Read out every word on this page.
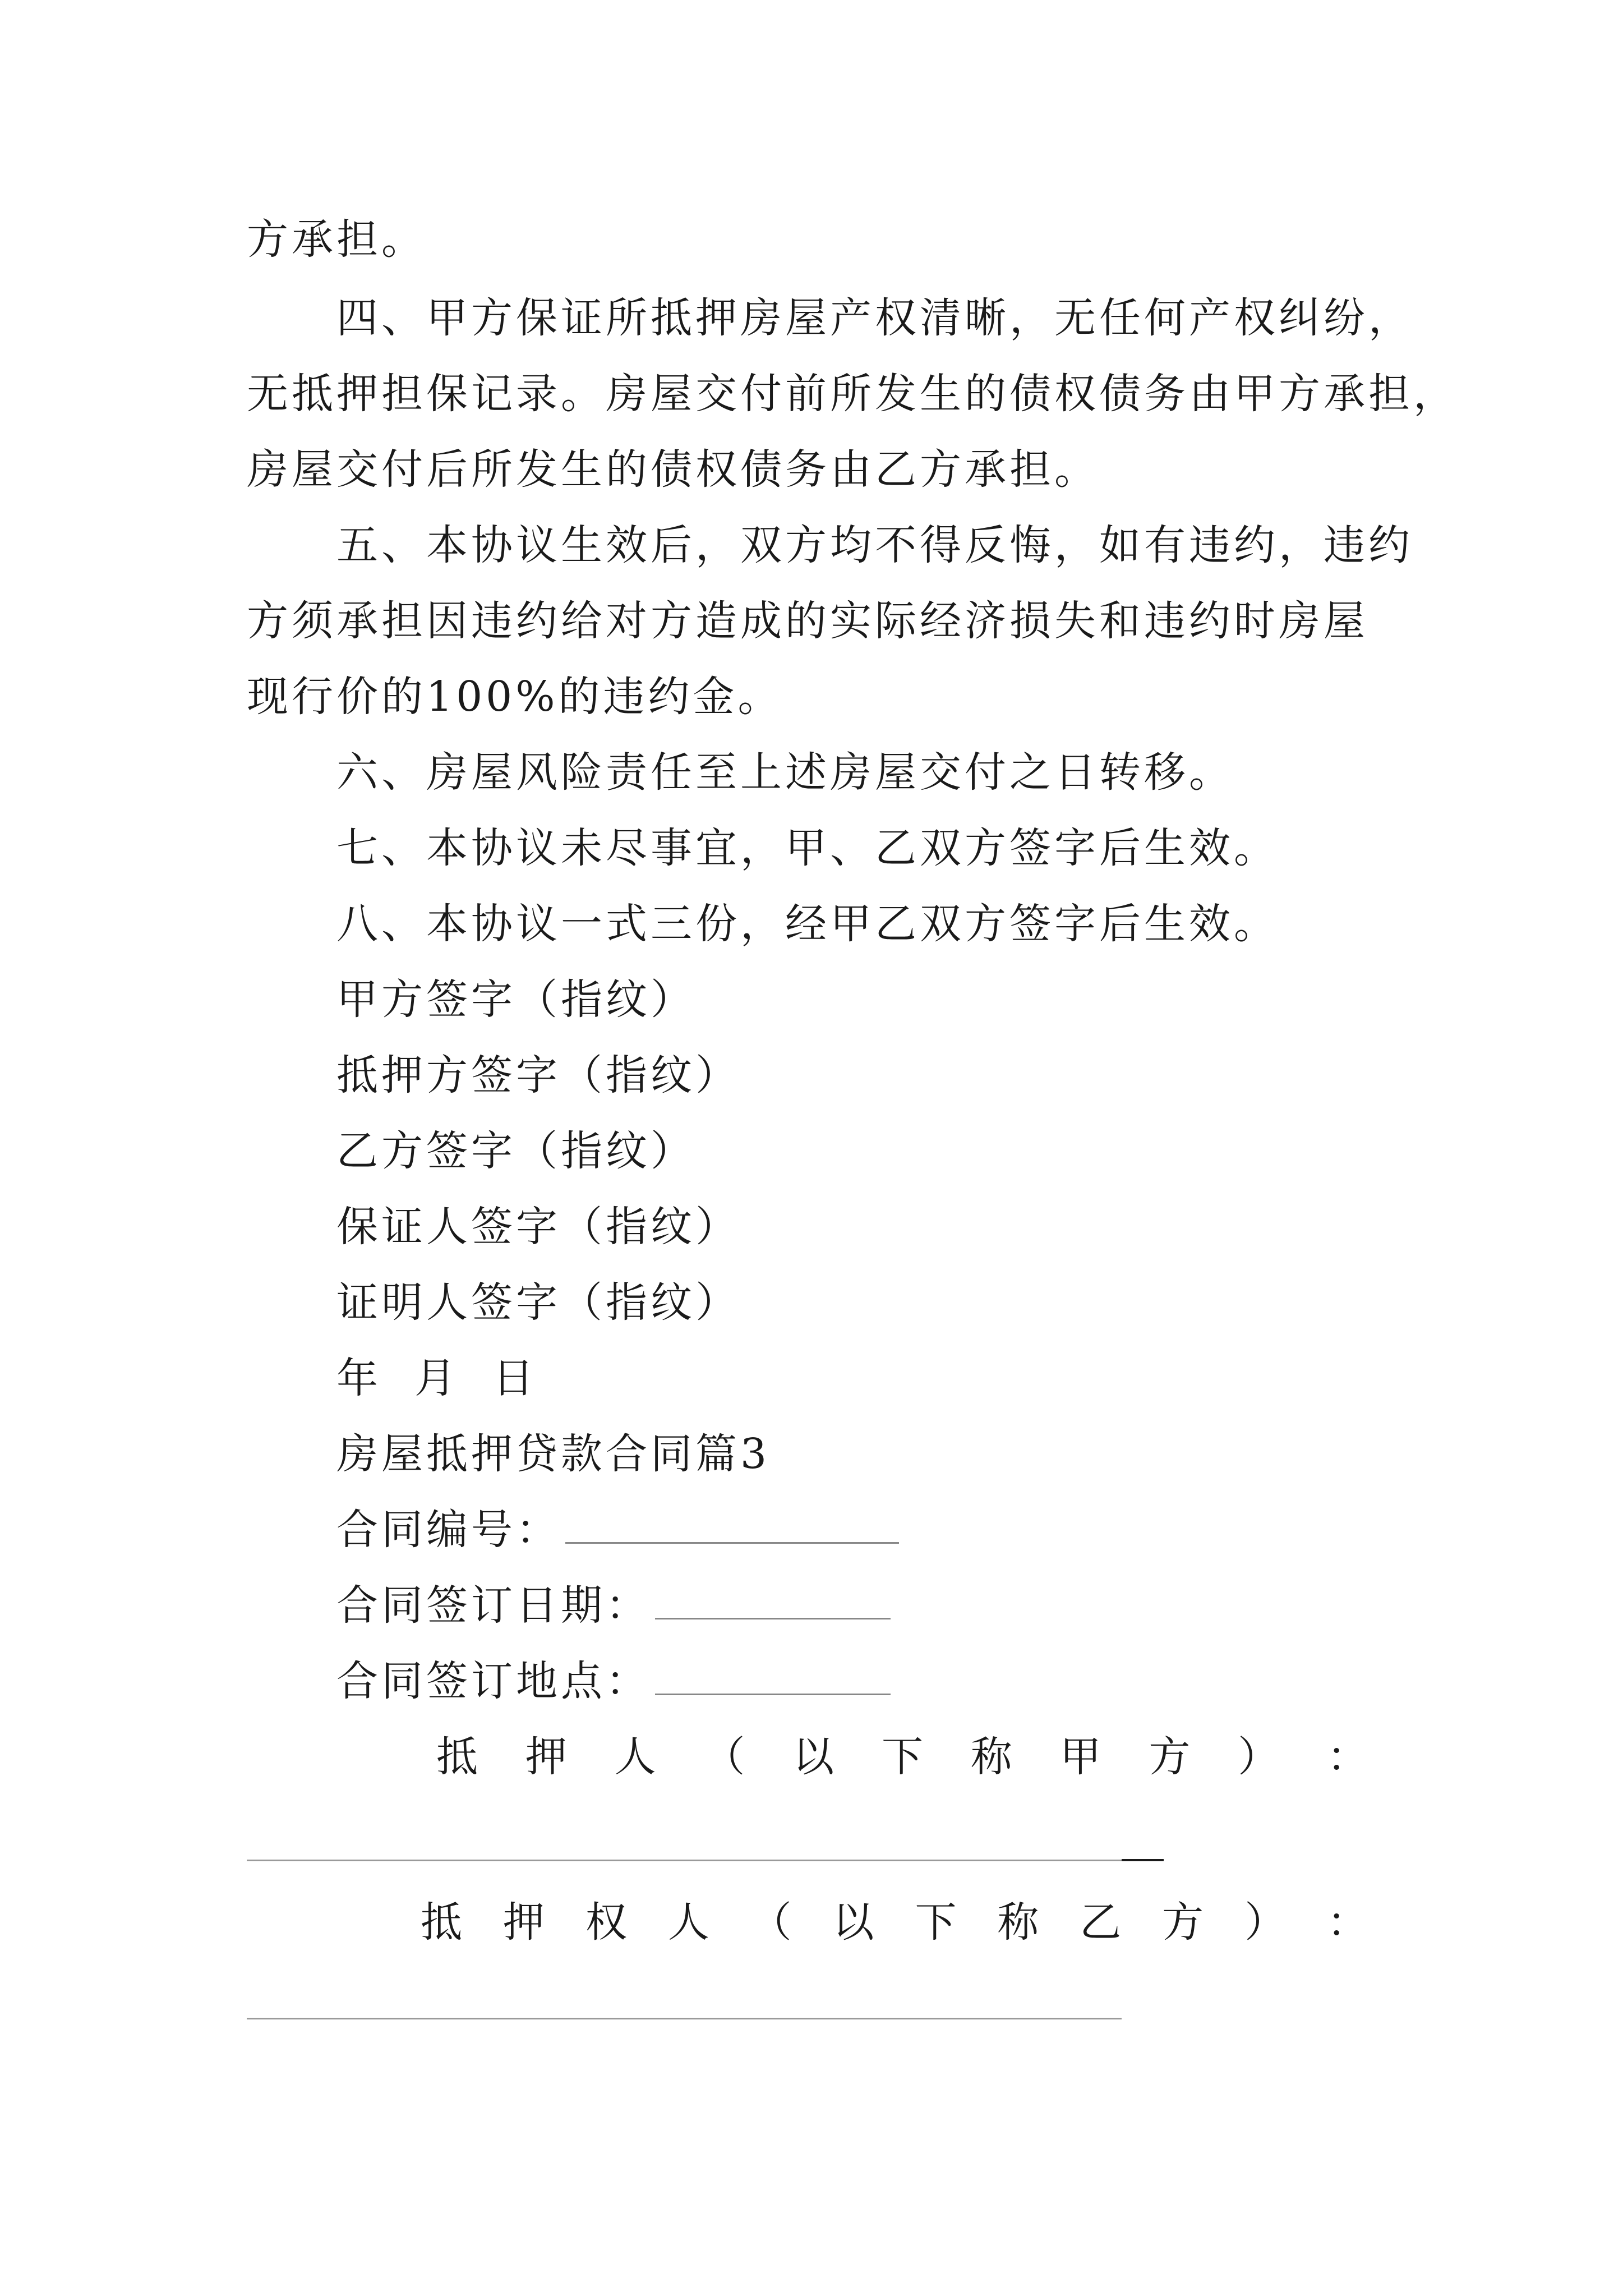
方承担。
四、甲方保证所抵押房屋产权清晰，无任何产权纠纷，
无抵押担保记录。房屋交付前所发生的债权债务由甲方承担，
房屋交付后所发生的债权债务由乙方承担。
五、本协议生效后，双方均不得反悔，如有违约，违约
方须承担因违约给对方造成的实际经济损失和违约时房屋
现行价的100%的违约金。
六、房屋风险责任至上述房屋交付之日转移。
七、本协议未尽事宜，甲、乙双方签字后生效。
八、本协议一式三份，经甲乙双方签字后生效。
甲方签字（指纹）
抵押方签字（指纹）
乙方签字（指纹）
保证人签字（指纹）
证明人签字（指纹）
年  月  日
房屋抵押贷款合同篇3
合同编号：
合同签订日期：
合同签订地点：
抵 押 人 （ 以 下 称 甲 方 ） ：
抵 押 权 人 （ 以 下 称 乙 方 ） ：
